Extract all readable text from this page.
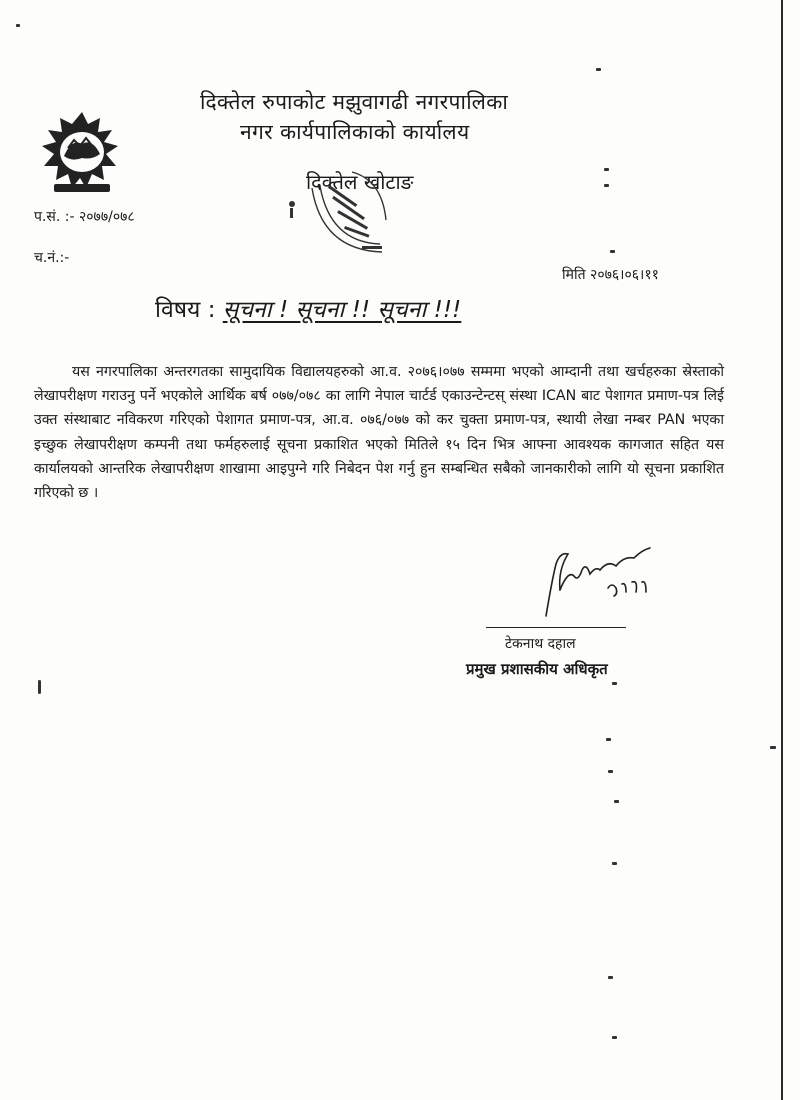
दिक्तेल रुपाकोट मझुवागढी नगरपालिका
नगर कार्यपालिकाको कार्यालय
दिक्तेल खोटाङ
प.सं. :- २०७७/०७८
च.नं.:-
मिति २०७६।०६।११
विषय : सूचना ! सूचना !! सूचना !!!
यस नगरपालिका अन्तरगतका सामुदायिक विद्यालयहरुको आ.व. २०७६।०७७ सम्ममा भएको आम्दानी तथा खर्चहरुका स्रेस्ताको लेखापरीक्षण गराउनु पर्ने भएकोले आर्थिक बर्ष ०७७/०७८ का लागि नेपाल चार्टर्ड एकाउन्टेन्टस् संस्था ICAN बाट पेशागत प्रमाण-पत्र लिई उक्त संस्थाबाट नविकरण गरिएको पेशागत प्रमाण-पत्र, आ.व. ०७६/०७७ को कर चुक्ता प्रमाण-पत्र, स्थायी लेखा नम्बर PAN भएका इच्छुक लेखापरीक्षण कम्पनी तथा फर्महरुलाई सूचना प्रकाशित भएको मितिले १५ दिन भित्र आफ्ना आवश्यक कागजात सहित यस कार्यालयको आन्तरिक लेखापरीक्षण शाखामा आइपुग्ने गरि निबेदन पेश गर्नु हुन सम्बन्धित सबैको जानकारीको लागि यो सूचना प्रकाशित गरिएको छ ।
टेकनाथ दहाल
प्रमुख प्रशासकीय अधिकृत
